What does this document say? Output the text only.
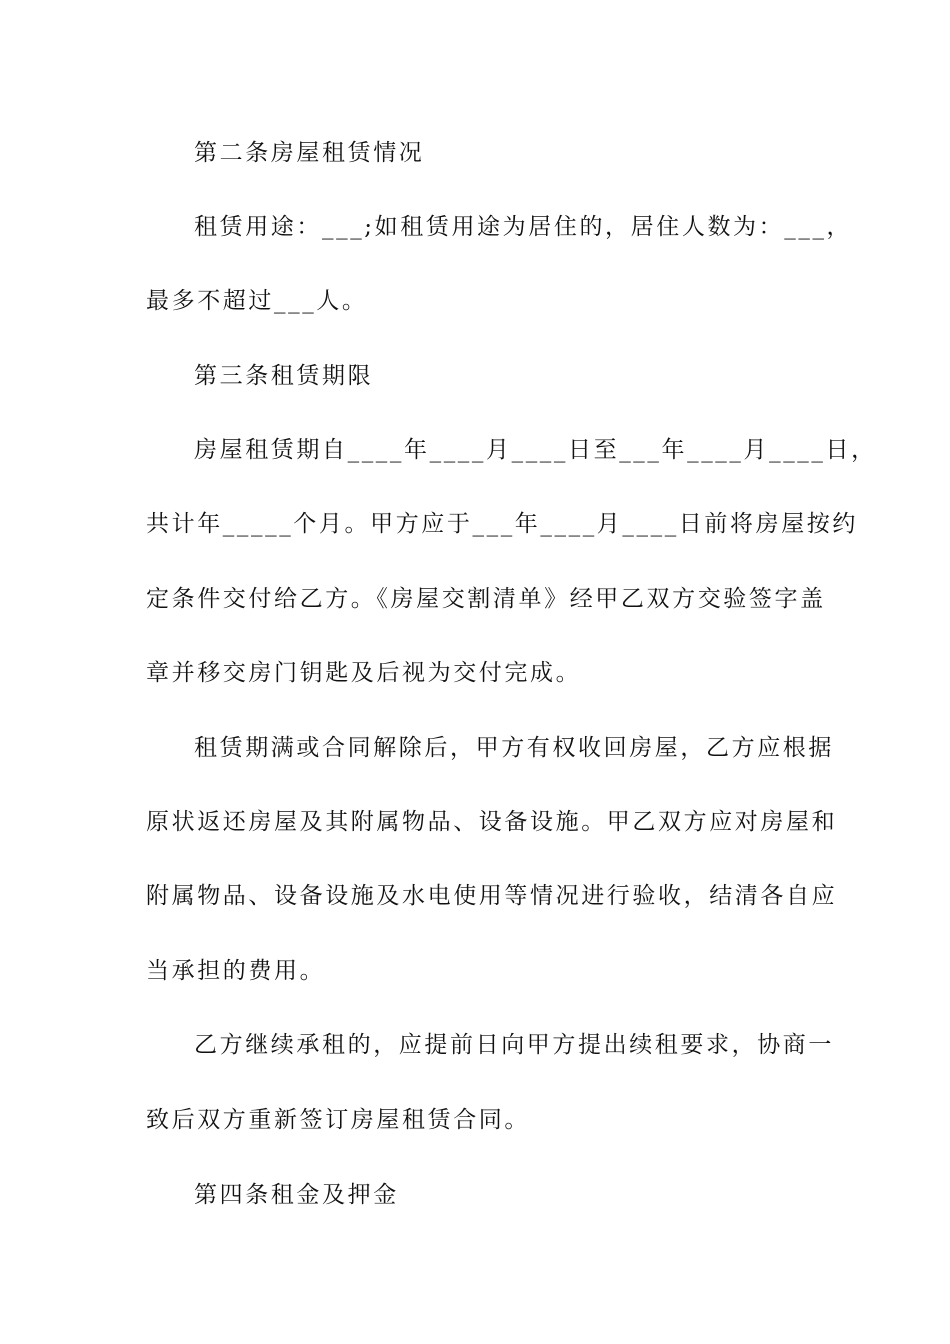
第二条房屋租赁情况
租赁用途：___;如租赁用途为居住的，居住人数为：___，
最多不超过___人。
第三条租赁期限
房屋租赁期自____年____月____日至___年____月____日，
共计年_____个月。甲方应于___年____月____日前将房屋按约
定条件交付给乙方。《房屋交割清单》经甲乙双方交验签字盖
章并移交房门钥匙及后视为交付完成。
租赁期满或合同解除后，甲方有权收回房屋，乙方应根据
原状返还房屋及其附属物品、设备设施。甲乙双方应对房屋和
附属物品、设备设施及水电使用等情况进行验收，结清各自应
当承担的费用。
乙方继续承租的，应提前日向甲方提出续租要求，协商一
致后双方重新签订房屋租赁合同。
第四条租金及押金
